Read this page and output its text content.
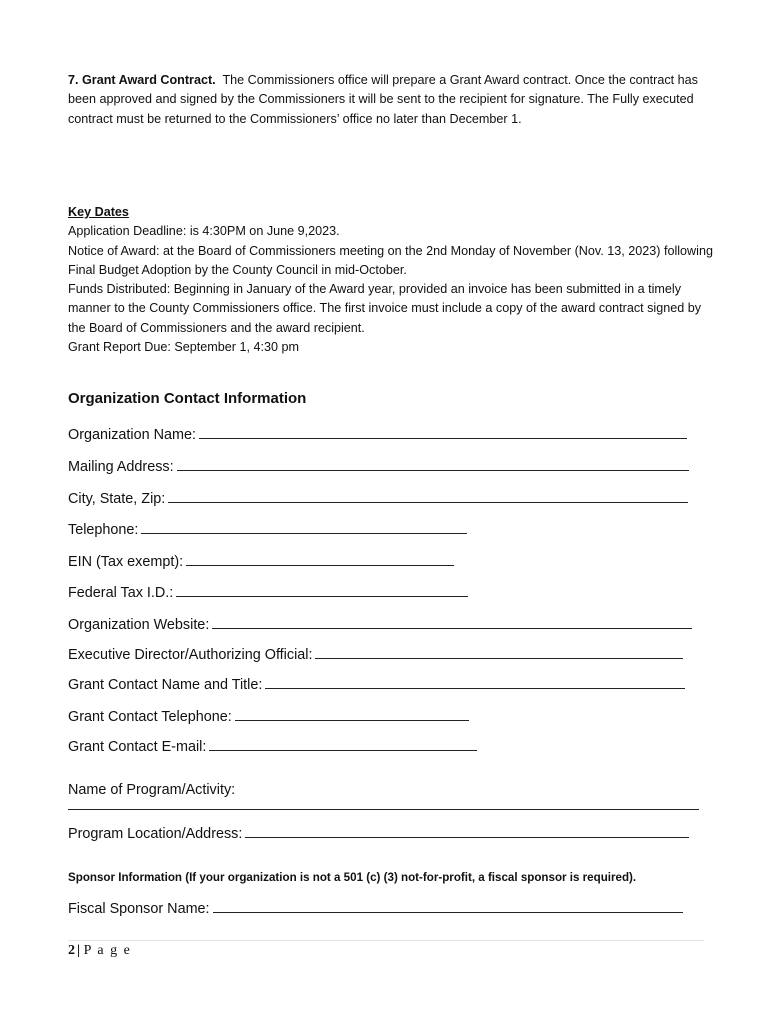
7. Grant Award Contract. The Commissioners office will prepare a Grant Award contract. Once the contract has been approved and signed by the Commissioners it will be sent to the recipient for signature. The Fully executed contract must be returned to the Commissioners’ office no later than December 1.
Key Dates
Application Deadline: is 4:30PM on June 9,2023.
Notice of Award: at the Board of Commissioners meeting on the 2nd Monday of November (Nov. 13, 2023) following Final Budget Adoption by the County Council in mid-October.
Funds Distributed: Beginning in January of the Award year, provided an invoice has been submitted in a timely manner to the County Commissioners office. The first invoice must include a copy of the award contract signed by the Board of Commissioners and the award recipient.
Grant Report Due: September 1, 4:30 pm
Organization Contact Information
Organization Name:
Mailing Address:
City, State, Zip:
Telephone:
EIN (Tax exempt):
Federal Tax I.D.:
Organization Website:
Executive Director/Authorizing Official:
Grant Contact Name and Title:
Grant Contact Telephone:
Grant Contact E-mail:
Name of Program/Activity:
Program Location/Address:
Sponsor Information (If your organization is not a 501 (c) (3) not-for-profit, a fiscal sponsor is required).
Fiscal Sponsor Name:
2 | P a g e
